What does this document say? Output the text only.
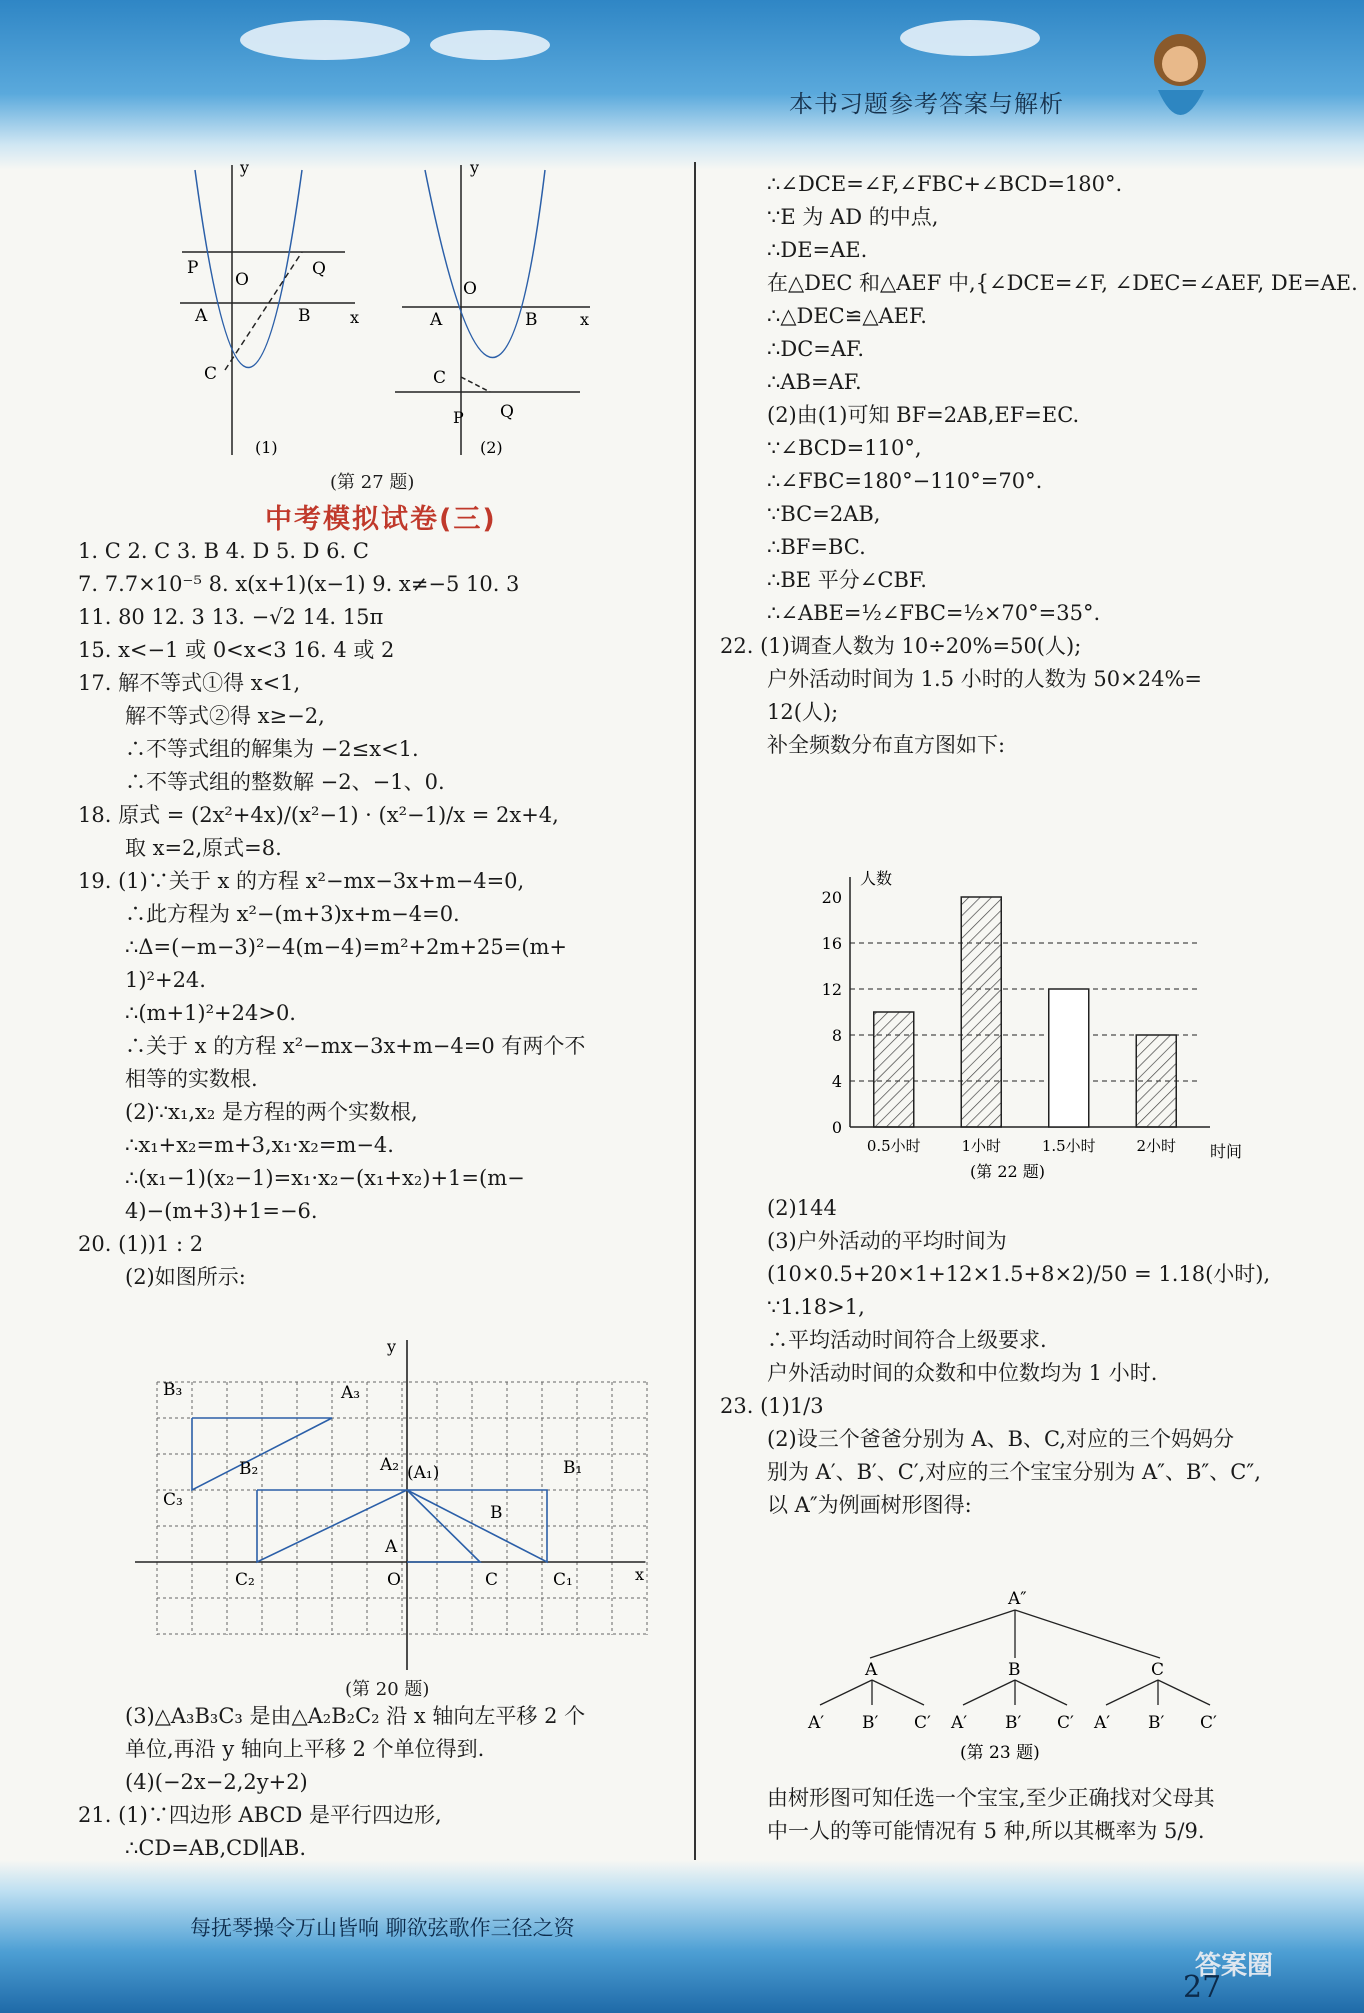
本书习题参考答案与解析
y
x
P	Q
O
A	B
C
(1)
y
x
O
A	B
C
P Q
(2)
(第 27 题)
中考模拟试卷(三)
1. C 2. C 3. B 4. D 5. D 6. C
7. 7.7×10⁻⁵ 8. x(x+1)(x−1) 9. x≠−5 10. 3
11. 80 12. 3 13. −√2 14. 15π
15. x<−1 或 0<x<3 16. 4 或 2
17. 解不等式①得 x<1,
解不等式②得 x≥−2,
∴不等式组的解集为 −2≤x<1.
∴不等式组的整数解 −2、−1、0.
18. 原式 = (2x²+4x)/(x²−1) · (x²−1)/x = 2x+4,
取 x=2,原式=8.
19. (1)∵关于 x 的方程 x²−mx−3x+m−4=0,
∴此方程为 x²−(m+3)x+m−4=0.
∴Δ=(−m−3)²−4(m−4)=m²+2m+25=(m+
1)²+24.
∴(m+1)²+24>0.
∴关于 x 的方程 x²−mx−3x+m−4=0 有两个不
相等的实数根.
(2)∵x₁,x₂ 是方程的两个实数根,
∴x₁+x₂=m+3,x₁·x₂=m−4.
∴(x₁−1)(x₂−1)=x₁·x₂−(x₁+x₂)+1=(m−
4)−(m+3)+1=−6.
20. (1))1 : 2
(2)如图所示:
B₃	A₃
B₂
C₃
A₂ (A₁)	B₁
B
A
C₂	O	C	C₁	x
y
(第 20 题)
(3)△A₃B₃C₃ 是由△A₂B₂C₂ 沿 x 轴向左平移 2 个
单位,再沿 y 轴向上平移 2 个单位得到.
(4)(−2x−2,2y+2)
21. (1)∵四边形 ABCD 是平行四边形,
∴CD=AB,CD∥AB.
∴∠DCE=∠F,∠FBC+∠BCD=180°.
∵E 为 AD 的中点,
∴DE=AE.
在△DEC 和△AEF 中,{∠DCE=∠F, ∠DEC=∠AEF, DE=AE.
∴△DEC≌△AEF.
∴DC=AF.
∴AB=AF.
(2)由(1)可知 BF=2AB,EF=EC.
∵∠BCD=110°,
∴∠FBC=180°−110°=70°.
∵BC=2AB,
∴BF=BC.
∴BE 平分∠CBF.
∴∠ABE=½∠FBC=½×70°=35°.
22. (1)调查人数为 10÷20%=50(人);
户外活动时间为 1.5 小时的人数为 50×24%=
12(人);
补全频数分布直方图如下:
0
4
8
12
16
20
人数
时间
0.5小时	1小时	1.5小时	2小时
(第 22 题)
(2)144
(3)户外活动的平均时间为
(10×0.5+20×1+12×1.5+8×2)/50 = 1.18(小时),
∵1.18>1,
∴平均活动时间符合上级要求.
户外活动时间的众数和中位数均为 1 小时.
23. (1)1/3
(2)设三个爸爸分别为 A、B、C,对应的三个妈妈分
别为 A′、B′、C′,对应的三个宝宝分别为 A″、B″、C″,
以 A″为例画树形图得:
A″
A	B	C
A′ B′ C′ A′ B′ C′ A′ B′ C′
(第 23 题)
由树形图可知任选一个宝宝,至少正确找对父母其
中一人的等可能情况有 5 种,所以其概率为 5/9.
每抚琴操令万山皆响 聊欲弦歌作三径之资
答案圈
27
